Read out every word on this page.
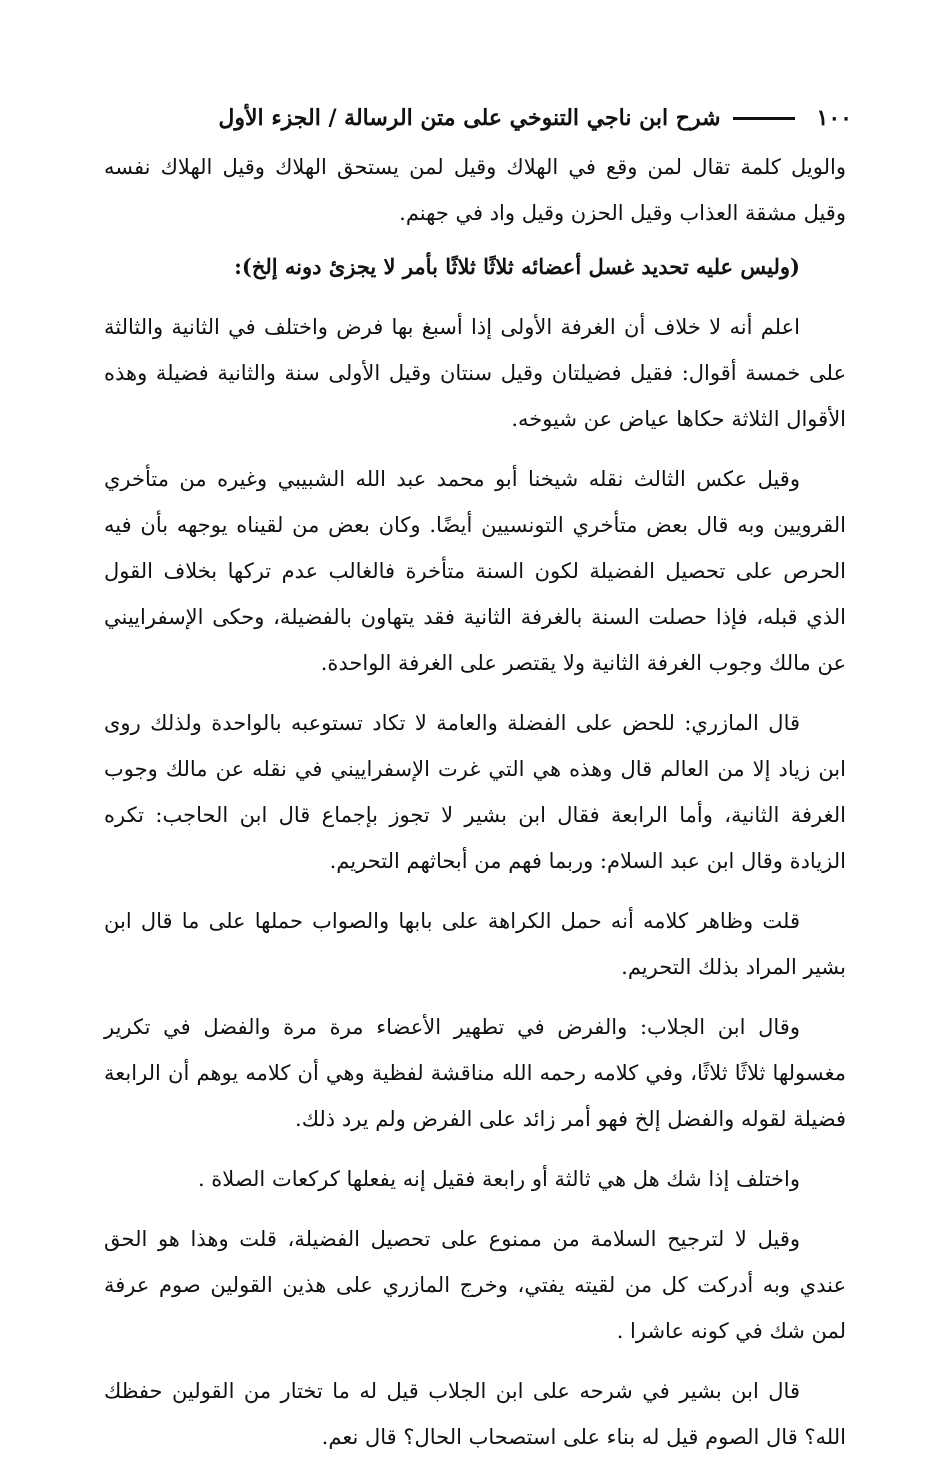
١٠٠
شرح ابن ناجي التنوخي على متن الرسالة / الجزء الأول

والويل كلمة تقال لمن وقع في الهلاك وقيل لمن يستحق الهلاك وقيل الهلاك نفسه وقيل مشقة العذاب وقيل الحزن وقيل واد في جهنم.

(وليس عليه تحديد غسل أعضائه ثلاثًا ثلاثًا بأمر لا يجزئ دونه إلخ):

اعلم أنه لا خلاف أن الغرفة الأولى إذا أسبغ بها فرض واختلف في الثانية والثالثة على خمسة أقوال: فقيل فضيلتان وقيل سنتان وقيل الأولى سنة والثانية فضيلة وهذه الأقوال الثلاثة حكاها عياض عن شيوخه.

وقيل عكس الثالث نقله شيخنا أبو محمد عبد الله الشبيبي وغيره من متأخري القرويين وبه قال بعض متأخري التونسيين أيضًا. وكان بعض من لقيناه يوجهه بأن فيه الحرص على تحصيل الفضيلة لكون السنة متأخرة فالغالب عدم تركها بخلاف القول الذي قبله، فإذا حصلت السنة بالغرفة الثانية فقد يتهاون بالفضيلة، وحكى الإسفراييني عن مالك وجوب الغرفة الثانية ولا يقتصر على الغرفة الواحدة.

قال المازري: للحض على الفضلة والعامة لا تكاد تستوعبه بالواحدة ولذلك روى ابن زياد إلا من العالم قال وهذه هي التي غرت الإسفراييني في نقله عن مالك وجوب الغرفة الثانية، وأما الرابعة فقال ابن بشير لا تجوز بإجماع قال ابن الحاجب: تكره الزيادة وقال ابن عبد السلام: وربما فهم من أبحاثهم التحريم.

قلت وظاهر كلامه أنه حمل الكراهة على بابها والصواب حملها على ما قال ابن بشير المراد بذلك التحريم.

وقال ابن الجلاب: والفرض في تطهير الأعضاء مرة مرة والفضل في تكرير مغسولها ثلاثًا ثلاثًا، وفي كلامه رحمه الله مناقشة لفظية وهي أن كلامه يوهم أن الرابعة فضيلة لقوله والفضل إلخ فهو أمر زائد على الفرض ولم يرد ذلك.

واختلف إذا شك هل هي ثالثة أو رابعة فقيل إنه يفعلها كركعات الصلاة .

وقيل لا لترجيح السلامة من ممنوع على تحصيل الفضيلة، قلت وهذا هو الحق عندي وبه أدركت كل من لقيته يفتي، وخرج المازري على هذين القولين صوم عرفة لمن شك في كونه عاشرا .

قال ابن بشير في شرحه على ابن الجلاب قيل له ما تختار من القولين حفظك الله؟ قال الصوم قيل له بناء على استصحاب الحال؟ قال نعم.
